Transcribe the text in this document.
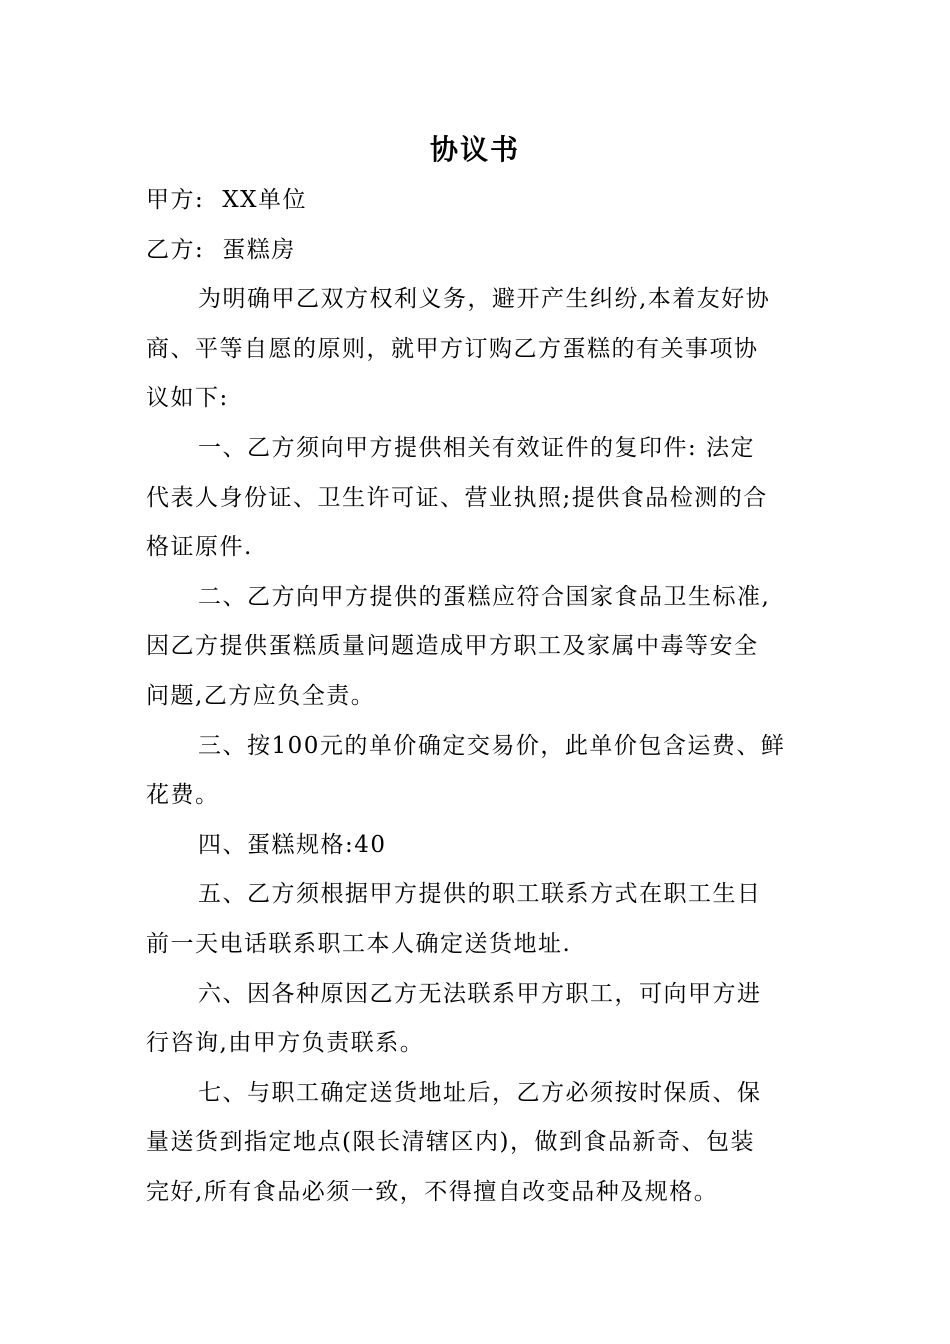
协议书

甲方: XX单位

乙方: 蛋糕房

为明确甲乙双方权利义务，避开产生纠纷,本着友好协

商、平等自愿的原则，就甲方订购乙方蛋糕的有关事项协

议如下:

一、乙方须向甲方提供相关有效证件的复印件: 法定

代表人身份证、卫生许可证、营业执照;提供食品检测的合

格证原件.

二、乙方向甲方提供的蛋糕应符合国家食品卫生标准,

因乙方提供蛋糕质量问题造成甲方职工及家属中毒等安全

问题,乙方应负全责。

三、按100元的单价确定交易价，此单价包含运费、鲜

花费。

四、蛋糕规格:40

五、乙方须根据甲方提供的职工联系方式在职工生日

前一天电话联系职工本人确定送货地址.

六、因各种原因乙方无法联系甲方职工，可向甲方进

行咨询,由甲方负责联系。

七、与职工确定送货地址后，乙方必须按时保质、保

量送货到指定地点(限长清辖区内)，做到食品新奇、包装

完好,所有食品必须一致，不得擅自改变品种及规格。
